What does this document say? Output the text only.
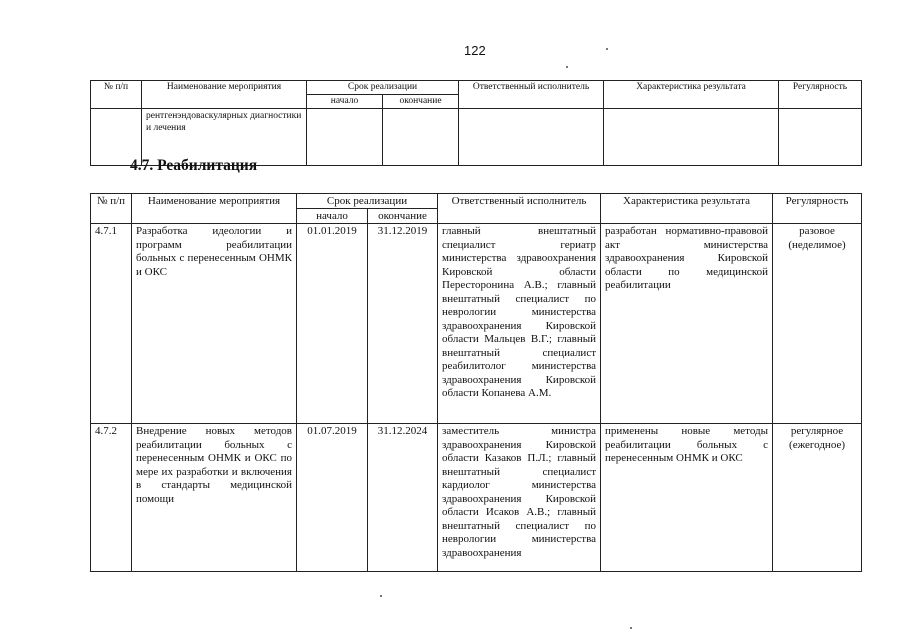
122
№ п/п	Наименование мероприятия	Срок реализации		Ответственный исполнитель	Характеристика результата	Регулярность
		начало	окончание			
	рентгенэндоваскулярных диагностики и лечения					
4.7. Реабилитация
№ п/п	Наименование мероприятия	Срок реализации		Ответственный исполнитель	Характеристика результата	Регулярность
		начало	окончание			
4.7.1	Разработка идеологии и программ реабилитации больных с перенесенным ОНМК и ОКС	01.01.2019	31.12.2019	главный внештатный специалист гериатр министерства здравоохранения Кировской области Пересторонина А.В.; главный внештатный специалист по неврологии министерства здравоохранения Кировской области Мальцев В.Г.; главный внештатный специалист реабилитолог министерства здравоохранения Кировской области Копанева А.М.	разработан нормативно-правовой акт министерства здравоохранения Кировской области по медицинской реабилитации	разовое (неделимое)
4.7.2	Внедрение новых методов реабилитации больных с перенесенным ОНМК и ОКС по мере их разработки и включения в стандарты медицинской помощи	01.07.2019	31.12.2024	заместитель министра здравоохранения Кировской области Казаков П.Л.; главный внештатный специалист кардиолог министерства здравоохранения Кировской области Исаков А.В.; главный внештатный специалист по неврологии министерства здравоохранения	применены новые методы реабилитации больных с перенесенным ОНМК и ОКС	регулярное (ежегодное)
